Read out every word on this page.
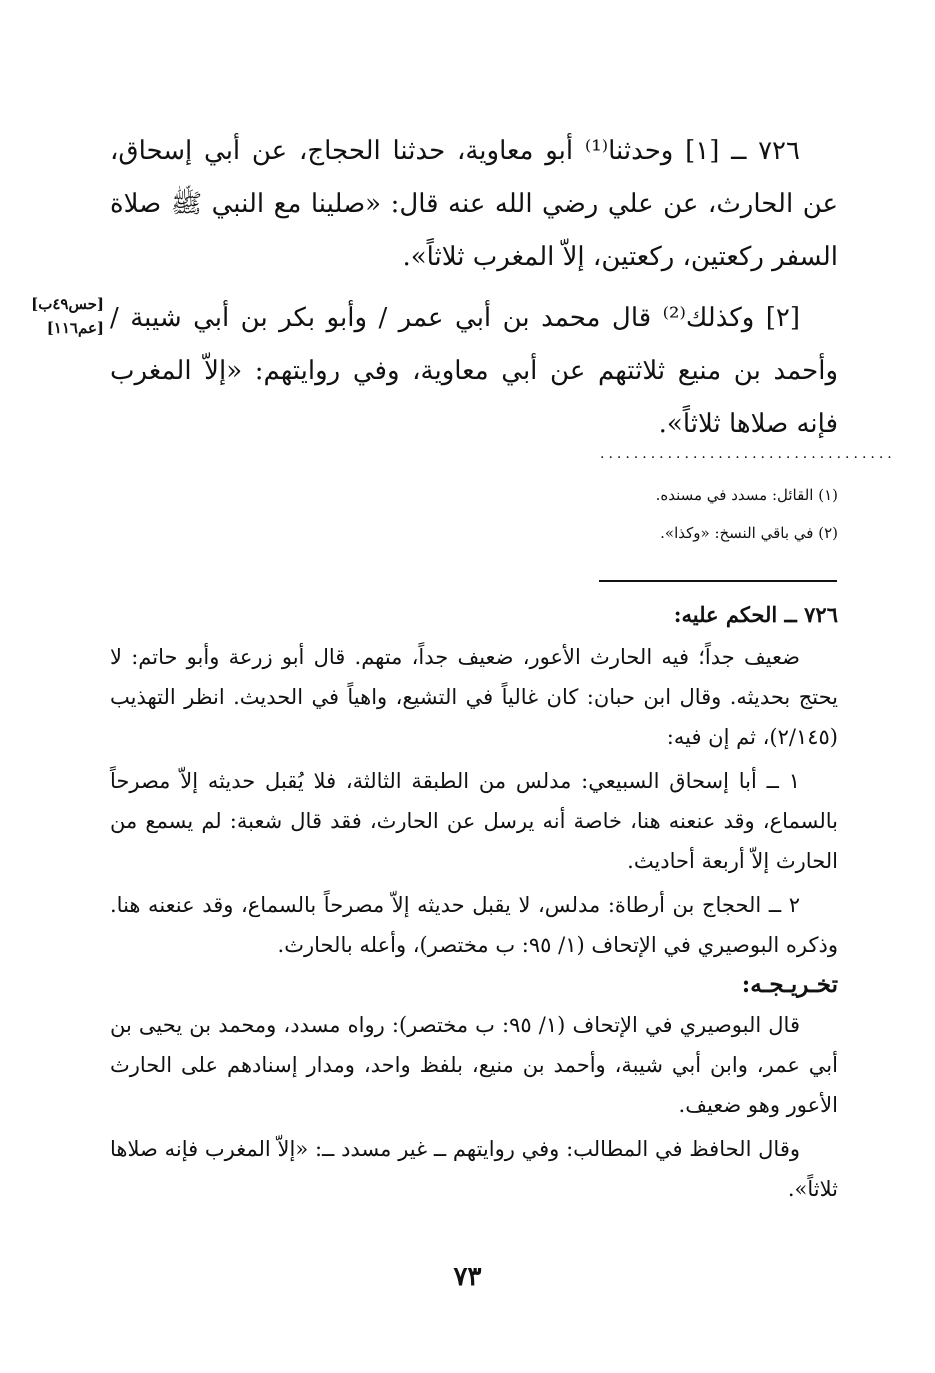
٧٢٦ ــ [١] وحدثنا⁽¹⁾ أبو معاوية، حدثنا الحجاج، عن أبي إسحاق، عن الحارث، عن علي رضي الله عنه قال: «صلينا مع النبي ﷺ صلاة السفر ركعتين، ركعتين، إلاّ المغرب ثلاثاً».

[٢] وكذلك⁽²⁾ قال محمد بن أبي عمر / وأبو بكر بن أبي شيبة / وأحمد بن منيع ثلاثتهم عن أبي معاوية، وفي روايتهم: «إلاّ المغرب فإنه صلاها ثلاثاً».

[حس٤٩ب]
[عم١١٦]
...................................
(١) القائل: مسدد في مسنده.
(٢) في باقي النسخ: «وكذا».

٧٢٦ ــ الحكم عليه:

ضعيف جداً؛ فيه الحارث الأعور، ضعيف جداً، متهم. قال أبو زرعة وأبو حاتم: لا يحتج بحديثه. وقال ابن حبان: كان غالياً في التشيع، واهياً في الحديث. انظر التهذيب (٢/١٤٥)، ثم إن فيه:

١ ــ أبا إسحاق السبيعي: مدلس من الطبقة الثالثة، فلا يُقبل حديثه إلاّ مصرحاً بالسماع، وقد عنعنه هنا، خاصة أنه يرسل عن الحارث، فقد قال شعبة: لم يسمع من الحارث إلاّ أربعة أحاديث.

٢ ــ الحجاج بن أرطاة: مدلس، لا يقبل حديثه إلاّ مصرحاً بالسماع، وقد عنعنه هنا. وذكره البوصيري في الإتحاف (١/ ٩٥: ب مختصر)، وأعله بالحارث.

تخـريـجـه:

قال البوصيري في الإتحاف (١/ ٩٥: ب مختصر): رواه مسدد، ومحمد بن يحيى بن أبي عمر، وابن أبي شيبة، وأحمد بن منيع، بلفظ واحد، ومدار إسنادهم على الحارث الأعور وهو ضعيف.

وقال الحافظ في المطالب: وفي روايتهم ــ غير مسدد ــ: «إلاّ المغرب فإنه صلاها ثلاثاً».

٧٣
